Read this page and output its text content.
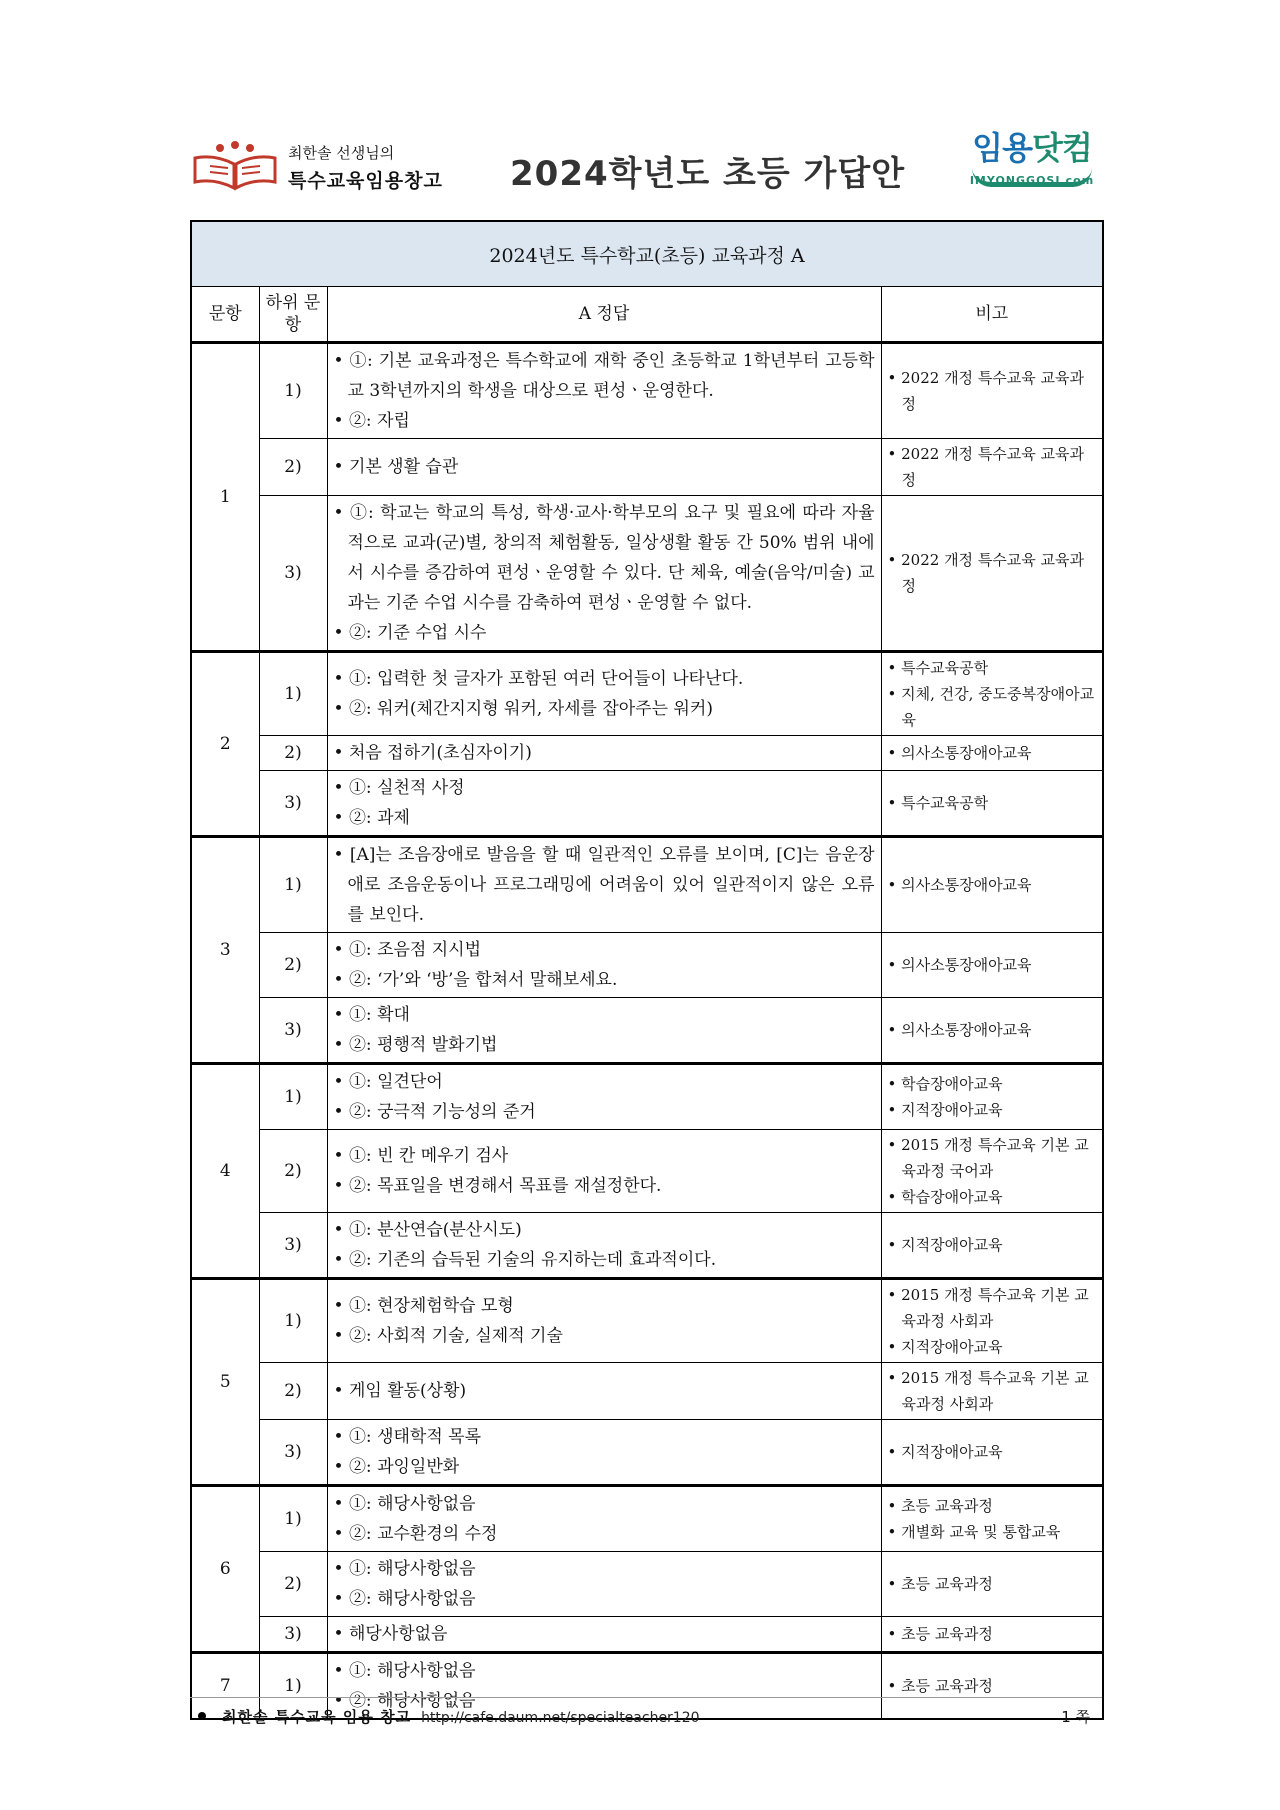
최한솔 선생님의
특수교육임용창고 2024학년도 초등 가답안
임용닷컴
IMYONGGOSI.com
2024년도 특수학교(초등) 교육과정 A			
문항	하위 문항	A 정답	비고
1	1)	• ①: 기본 교육과정은 특수학교에 재학 중인 초등학교 1학년부터 고등학교 3학년까지의 학생을 대상으로 편성ㆍ운영한다.
• ②: 자립	• 2022 개정 특수교육 교육과정

	2)	• 기본 생활 습관	• 2022 개정 특수교육 교육과정

	3)	• ①: 학교는 학교의 특성, 학생·교사·학부모의 요구 및 필요에 따라 자율적으로 교과(군)별, 창의적 체험활동, 일상생활 활동 간 50% 범위 내에서 시수를 증감하여 편성ㆍ운영할 수 있다. 단 체육, 예술(음악/미술) 교과는 기준 수업 시수를 감축하여 편성ㆍ운영할 수 없다.
• ②: 기준 수업 시수	• 2022 개정 특수교육 교육과정

2	1)	• ①: 입력한 첫 글자가 포함된 여러 단어들이 나타난다.
• ②: 워커(체간지지형 워커, 자세를 잡아주는 워커)	• 특수교육공학
• 지체, 건강, 중도중복장애아교육

	2)	• 처음 접하기(초심자이기)	• 의사소통장애아교육

	3)	• ①: 실천적 사정
• ②: 과제	• 특수교육공학

3	1)	• [A]는 조음장애로 발음을 할 때 일관적인 오류를 보이며, [C]는 음운장애로 조음운동이나 프로그래밍에 어려움이 있어 일관적이지 않은 오류를 보인다.	• 의사소통장애아교육

	2)	• ①: 조음점 지시법
• ②: ‘가’와 ‘방’을 합쳐서 말해보세요.	• 의사소통장애아교육

	3)	• ①: 확대
• ②: 평행적 발화기법	• 의사소통장애아교육

4	1)	• ①: 일견단어
• ②: 궁극적 기능성의 준거	• 학습장애아교육
• 지적장애아교육

	2)	• ①: 빈 칸 메우기 검사
• ②: 목표일을 변경해서 목표를 재설정한다.	• 2015 개정 특수교육 기본 교육과정 국어과
• 학습장애아교육

	3)	• ①: 분산연습(분산시도)
• ②: 기존의 습득된 기술의 유지하는데 효과적이다.	• 지적장애아교육

5	1)	• ①: 현장체험학습 모형
• ②: 사회적 기술, 실제적 기술	• 2015 개정 특수교육 기본 교육과정 사회과
• 지적장애아교육

	2)	• 게임 활동(상황)	• 2015 개정 특수교육 기본 교육과정 사회과

	3)	• ①: 생태학적 목록
• ②: 과잉일반화	• 지적장애아교육

6	1)	• ①: 해당사항없음
• ②: 교수환경의 수정	• 초등 교육과정
• 개별화 교육 및 통합교육

	2)	• ①: 해당사항없음
• ②: 해당사항없음	• 초등 교육과정

	3)	• 해당사항없음	• 초등 교육과정

7	1)	• ①: 해당사항없음
• ②: 해당사항없음	• 초등 교육과정
최한솔 특수교육 임용 창고 http://cafe.daum.net/specialteacher120	1 쪽
